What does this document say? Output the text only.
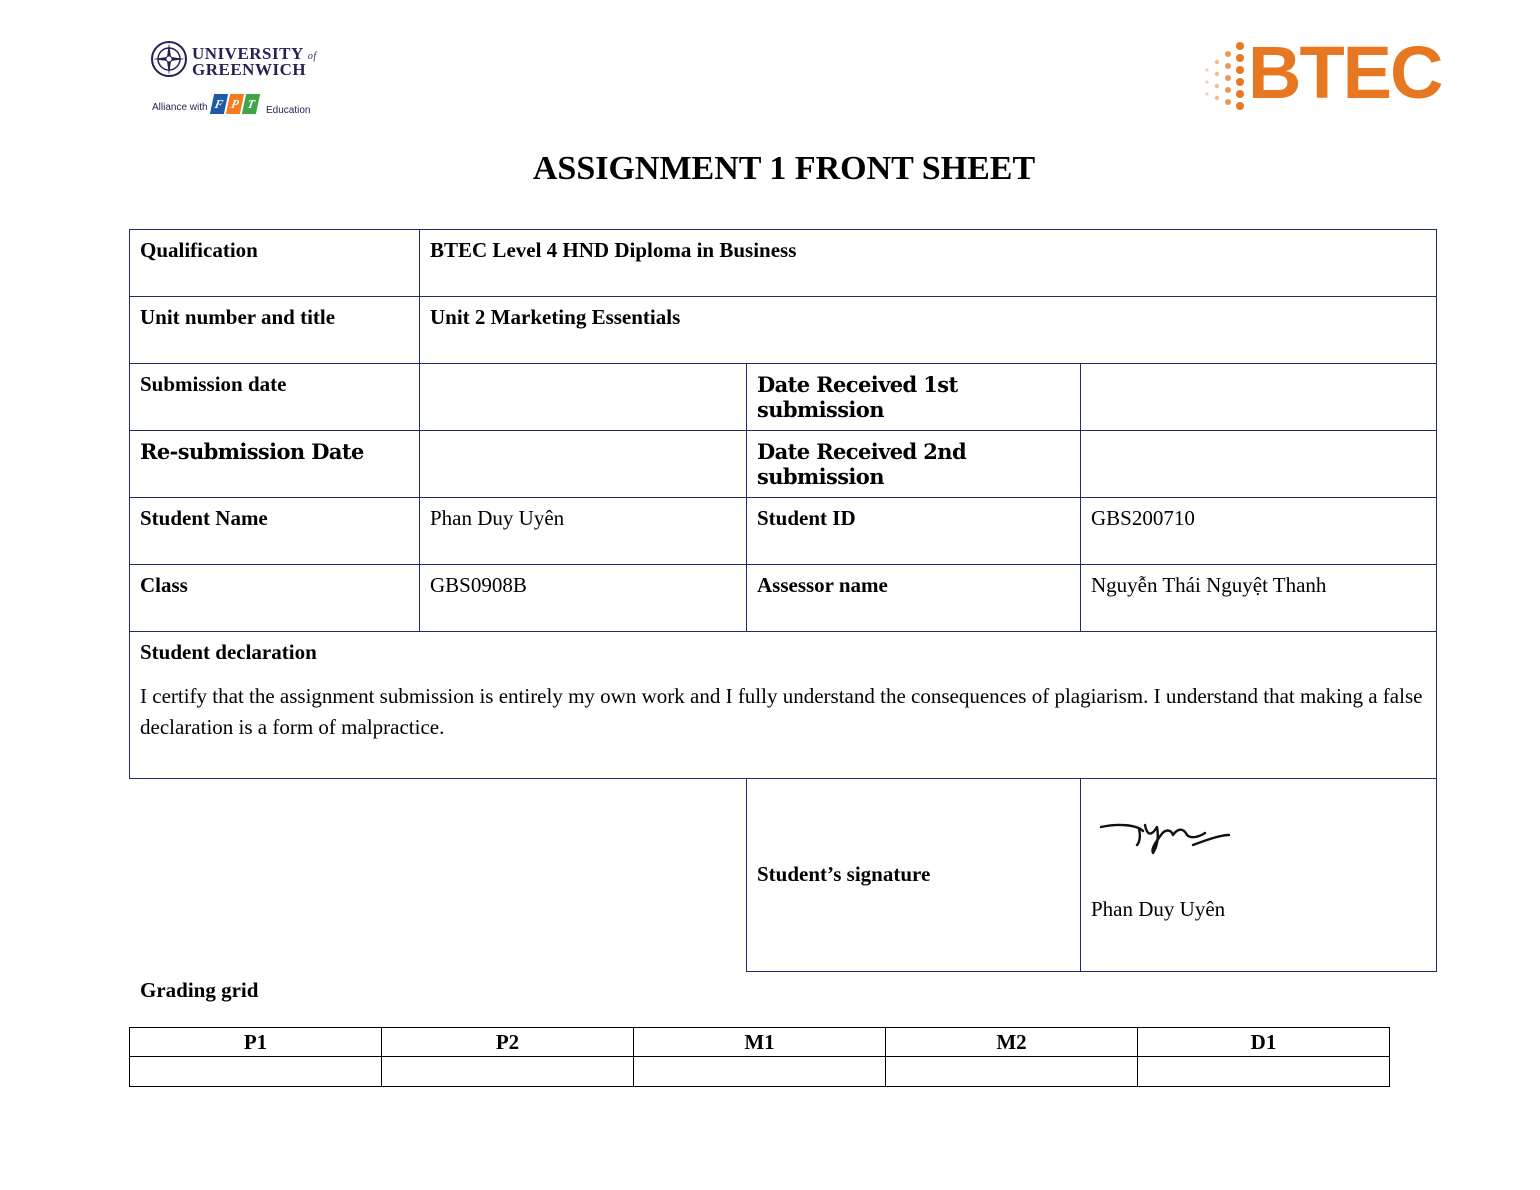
UNIVERSITY of
GREENWICH
Alliance with F P T Education	BTEC
ASSIGNMENT 1 FRONT SHEET
Qualification	BTEC Level 4 HND Diploma in Business		
Unit number and title	Unit 2 Marketing Essentials		
Submission date		Date Received 1st submission	
Re-submission Date		Date Received 2nd submission	
Student Name	Phan Duy Uyên	Student ID	GBS200710
Class	GBS0908B	Assessor name	Nguyễn Thái Nguyệt Thanh

Student declaration
I certify that the assignment submission is entirely my own work and I fully understand the consequences of plagiarism. I understand that making a false declaration is a form of malpractice.			

		Student’s signature	Phan Duy Uyên
Grading grid
P1	P2	M1	M2	D1
